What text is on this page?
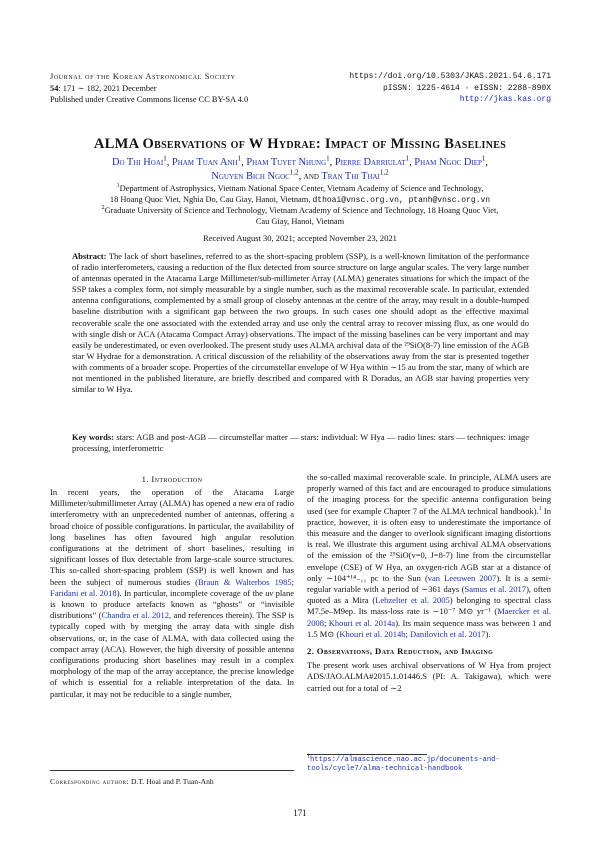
Journal of the Korean Astronomical Society
54: 171 ∼ 182, 2021 December
Published under Creative Commons license CC BY-SA 4.0
https://doi.org/10.5303/JKAS.2021.54.6.171
pISSN: 1225-4614 · eISSN: 2288-890X
http://jkas.kas.org
ALMA Observations of W Hydrae: Impact of Missing Baselines
Do Thi Hoai$^1$, Pham Tuan Anh$^1$, Pham Tuyet Nhung$^1$, Pierre Darriulat$^1$, Pham Ngoc Diep$^1$,
Nguyen Bich Ngoc$^{1,2}$, and Tran Thi Thai$^{1,2}$
$^1$Department of Astrophysics, Vietnam National Space Center, Vietnam Academy of Science and Technology,
18 Hoang Quoc Viet, Nghia Do, Cau Giay, Hanoi, Vietnam, dthoai@vnsc.org.vn, ptanh@vnsc.org.vn
$^2$Graduate University of Science and Technology, Vietnam Academy of Science and Technology, 18 Hoang Quoc Viet,
Cau Giay, Hanoi, Vietnam
Received August 30, 2021; accepted November 23, 2021
Abstract: The lack of short baselines, referred to as the short-spacing problem (SSP), is a well-known limitation of the performance of radio interferometers, causing a reduction of the flux detected from source structure on large angular scales. The very large number of antennas operated in the Atacama Large Millimeter/sub-millimeter Array (ALMA) generates situations for which the impact of the SSP takes a complex form, not simply measurable by a single number, such as the maximal recoverable scale. In particular, extended antenna configurations, complemented by a small group of closeby antennas at the centre of the array, may result in a double-humped baseline distribution with a significant gap between the two groups. In such cases one should adopt as the effective maximal recoverable scale the one associated with the extended array and use only the central array to recover missing flux, as one would do with single dish or ACA (Atacama Compact Array) observations. The impact of the missing baselines can be very important and may easily be underestimated, or even overlooked. The present study uses ALMA archival data of the ²⁹SiO(8-7) line emission of the AGB star W Hydrae for a demonstration. A critical discussion of the reliability of the observations away from the star is presented together with comments of a broader scope. Properties of the circumstellar envelope of W Hya within ∼15 au from the star, many of which are not mentioned in the published literature, are briefly described and compared with R Doradus, an AGB star having properties very similar to W Hya.
Key words: stars: AGB and post-AGB — circumstellar matter — stars: individual: W Hya — radio lines: stars — techniques: image processing, interferometric
1. Introduction
In recent years, the operation of the Atacama Large Millimeter/submillimeter Array (ALMA) has opened a new era of radio interferometry with an unprecedented number of antennas, offering a broad choice of possible configurations. In particular, the availability of long baselines has often favoured high angular resolution configurations at the detriment of short baselines, resulting in significant losses of flux detectable from large-scale source structures. This so-called short-spacing problem (SSP) is well known and has been the subject of numerous studies (Braun & Walterbos 1985; Faridani et al. 2018). In particular, incomplete coverage of the uv plane is known to produce artefacts known as “ghosts” or “invisible distributions” (Chandra et al. 2012, and references therein). The SSP is typically coped with by merging the array data with single dish observations, or, in the case of ALMA, with data collected using the compact array (ACA). However, the high diversity of possible antenna configurations producing short baselines may result in a complex morphology of the map of the array acceptance, the precise knowledge of which is essential for a reliable interpretation of the data. In particular, it may not be reducible to a single number,
Corresponding author: D.T. Hoai and P. Tuan-Anh
the so-called maximal recoverable scale. In principle, ALMA users are properly warned of this fact and are encouraged to produce simulations of the imaging process for the specific antenna configuration being used (see for example Chapter 7 of the ALMA technical handbook).$^1$ In practice, however, it is often easy to underestimate the importance of this measure and the danger to overlook significant imaging distortions is real. We illustrate this argument using archival ALMA observations of the emission of the ²⁹SiO(v=0, J=8-7) line from the circumstellar envelope (CSE) of W Hya, an oxygen-rich AGB star at a distance of only ∼104⁺¹⁴₋₁₁ pc to the Sun (van Leeuwen 2007). It is a semi-regular variable with a period of ∼361 days (Samus et al. 2017), often quoted as a Mira (Lebzelter et al. 2005) belonging to spectral class M7.5e–M9ep. Its mass-loss rate is ∼10⁻⁷ M⊙ yr⁻¹ (Maercker et al. 2008; Khouri et al. 2014a). Its main sequence mass was between 1 and 1.5 M⊙ (Khouri et al. 2014b; Danilovich et al. 2017).
2. Observations, Data Reduction, and Imaging
The present work uses archival observations of W Hya from project ADS/JAO.ALMA#2015.1.01446.S (PI: A. Takigawa), which were carried out for a total of ∼2
$^1$https://almascience.nao.ac.jp/documents-and-tools/cycle7/alma-technical-handbook
171
